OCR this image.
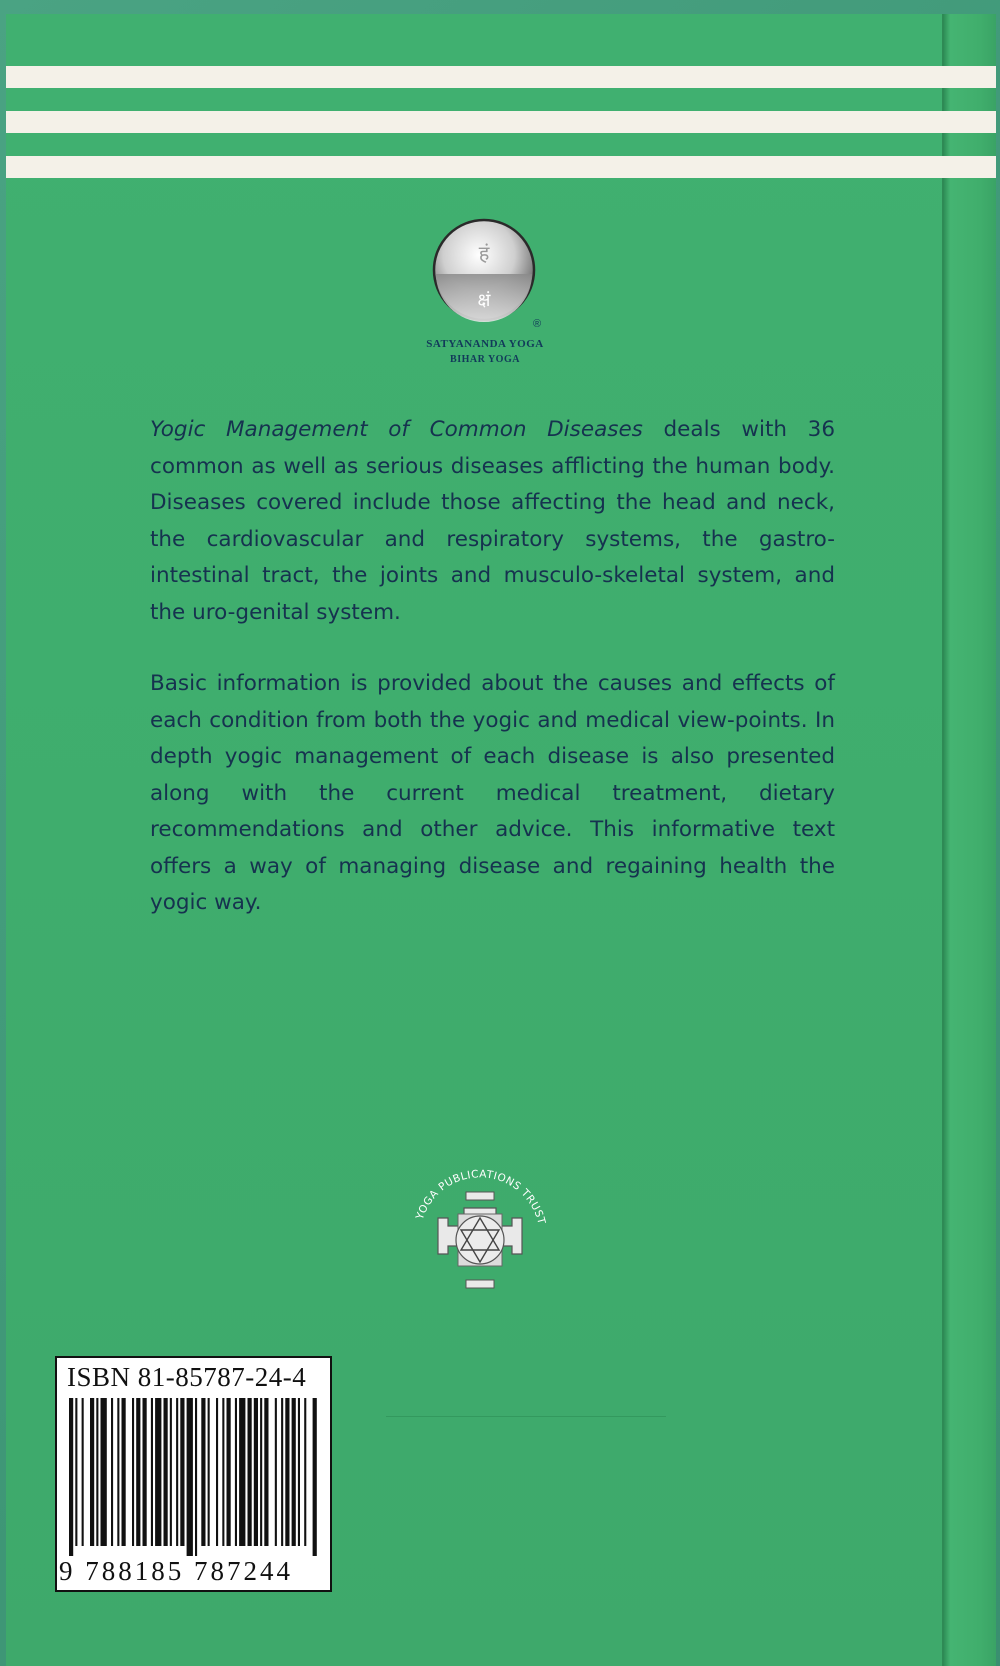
हं
क्षं
®
SATYANANDA YOGA
BIHAR YOGA

Yogic Management of Common Diseases deals with 36 common as well as serious diseases afflicting the human body. Diseases covered include those affecting the head and neck, the cardiovascular and respiratory systems, the gastro-intestinal tract, the joints and musculo-skeletal system, and the uro-genital system.

Basic information is provided about the causes and effects of each condition from both the yogic and medical view-points. In depth yogic management of each disease is also presented along with the current medical treatment, dietary recommendations and other advice. This informative text offers a way of managing disease and regaining health the yogic way.

YOGA PUBLICATIONS TRUST
ISBN 81-85787-24-4
9 788185 787244
